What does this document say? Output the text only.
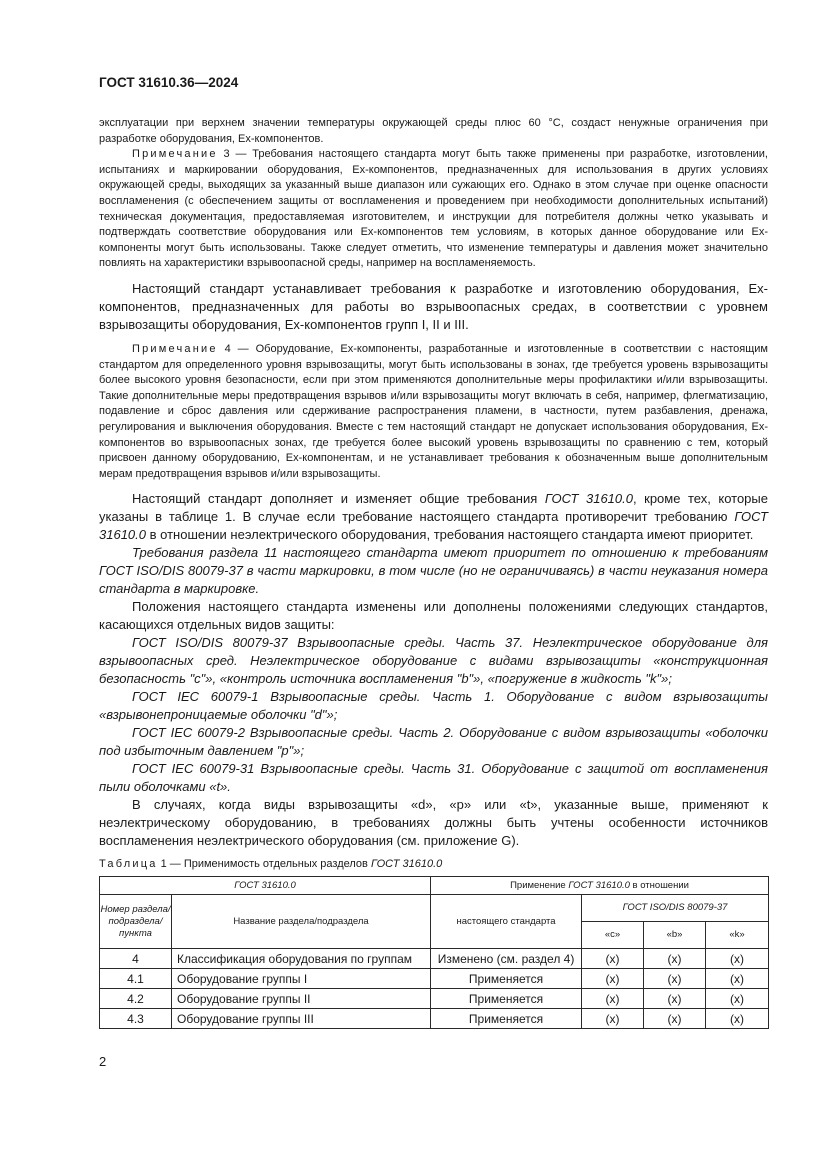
ГОСТ 31610.36—2024

эксплуатации при верхнем значении температуры окружающей среды плюс 60 °С, создаст ненужные ограничения при разработке оборудования, Ex-компонентов.

Примечание 3 — Требования настоящего стандарта могут быть также применены при разработке, изготовлении, испытаниях и маркировании оборудования, Ex-компонентов, предназначенных для использования в других условиях окружающей среды, выходящих за указанный выше диапазон или сужающих его. Однако в этом случае при оценке опасности воспламенения (с обеспечением защиты от воспламенения и проведением при необходимости дополнительных испытаний) техническая документация, предоставляемая изготовителем, и инструкции для потребителя должны четко указывать и подтверждать соответствие оборудования или Ex-компонентов тем условиям, в которых данное оборудование или Ex-компоненты могут быть использованы. Также следует отметить, что изменение температуры и давления может значительно повлиять на характеристики взрывоопасной среды, например на воспламеняемость.

Настоящий стандарт устанавливает требования к разработке и изготовлению оборудования, Ex-компонентов, предназначенных для работы во взрывоопасных средах, в соответствии с уровнем взрывозащиты оборудования, Ex-компонентов групп I, II и III.

Примечание 4 — Оборудование, Ex-компоненты, разработанные и изготовленные в соответствии с настоящим стандартом для определенного уровня взрывозащиты, могут быть использованы в зонах, где требуется уровень взрывозащиты более высокого уровня безопасности, если при этом применяются дополнительные меры профилактики и/или взрывозащиты. Такие дополнительные меры предотвращения взрывов и/или взрывозащиты могут включать в себя, например, флегматизацию, подавление и сброс давления или сдерживание распространения пламени, в частности, путем разбавления, дренажа, регулирования и выключения оборудования. Вместе с тем настоящий стандарт не допускает использования оборудования, Ex-компонентов во взрывоопасных зонах, где требуется более высокий уровень взрывозащиты по сравнению с тем, который присвоен данному оборудованию, Ex-компонентам, и не устанавливает требования к обозначенным выше дополнительным мерам предотвращения взрывов и/или взрывозащиты.

Настоящий стандарт дополняет и изменяет общие требования ГОСТ 31610.0, кроме тех, которые указаны в таблице 1. В случае если требование настоящего стандарта противоречит требованию ГОСТ 31610.0 в отношении неэлектрического оборудования, требования настоящего стандарта имеют приоритет.

Требования раздела 11 настоящего стандарта имеют приоритет по отношению к требованиям ГОСТ ISO/DIS 80079-37 в части маркировки, в том числе (но не ограничиваясь) в части неуказания номера стандарта в маркировке.

Положения настоящего стандарта изменены или дополнены положениями следующих стандартов, касающихся отдельных видов защиты:

ГОСТ ISO/DIS 80079-37 Взрывоопасные среды. Часть 37. Неэлектрическое оборудование для взрывоопасных сред. Неэлектрическое оборудование с видами взрывозащиты «конструкционная безопасность "c"», «контроль источника воспламенения "b"», «погружение в жидкость "k"»;

ГОСТ IEC 60079-1 Взрывоопасные среды. Часть 1. Оборудование с видом взрывозащиты «взрывонепроницаемые оболочки "d"»;

ГОСТ IEC 60079-2 Взрывоопасные среды. Часть 2. Оборудование с видом взрывозащиты «оболочки под избыточным давлением "p"»;

ГОСТ IEC 60079-31 Взрывоопасные среды. Часть 31. Оборудование с защитой от воспламенения пыли оболочками «t».

В случаях, когда виды взрывозащиты «d», «р» или «t», указанные выше, применяют к неэлектрическому оборудованию, в требованиях должны быть учтены особенности источников воспламенения неэлектрического оборудования (см. приложение G).

Таблица 1 — Применимость отдельных разделов ГОСТ 31610.0
ГОСТ 31610.0		Применение ГОСТ 31610.0 в отношении			
Номер раздела/ подраздела/ пункта	Название раздела/подраздела	настоящего стандарта	ГОСТ ISO/DIS 80079-37		
			«с»	«b»	«k»
4	Классификация оборудования по группам	Изменено (см. раздел 4)	(x)	(x)	(x)
4.1	Оборудование группы I	Применяется	(x)	(x)	(x)
4.2	Оборудование группы II	Применяется	(x)	(x)	(x)
4.3	Оборудование группы III	Применяется	(x)	(x)	(x)
2
